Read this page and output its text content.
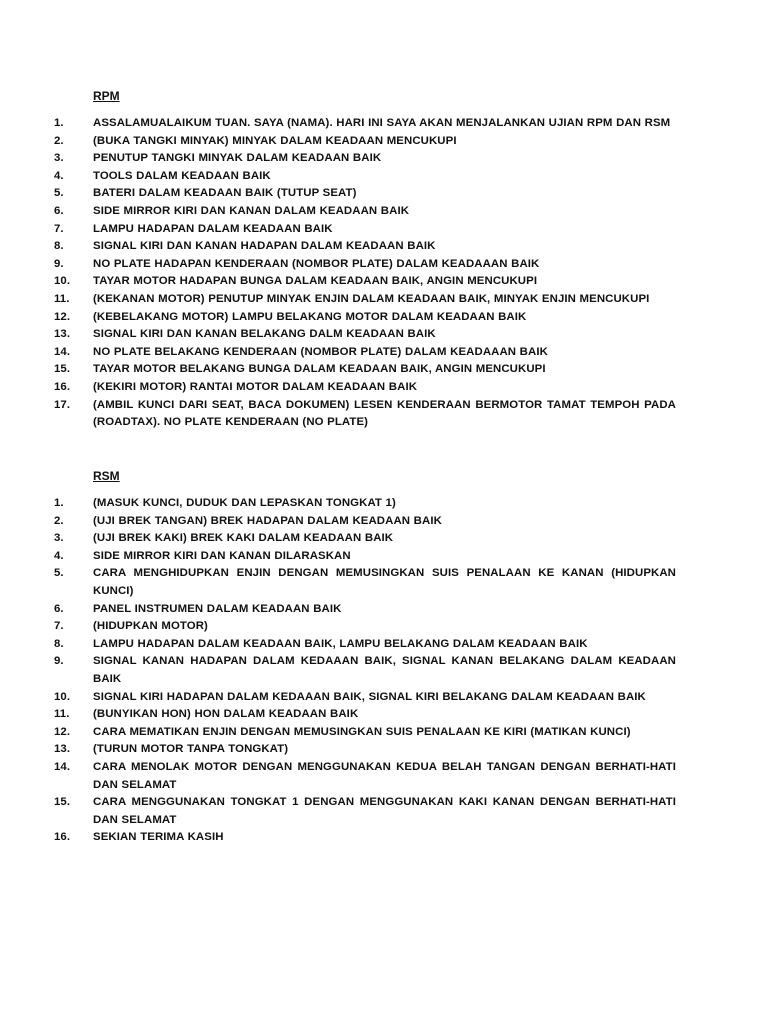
RPM
1.	ASSALAMUALAIKUM TUAN. SAYA (NAMA). HARI INI SAYA AKAN MENJALANKAN UJIAN RPM DAN RSM
2.	(BUKA TANGKI MINYAK) MINYAK DALAM KEADAAN MENCUKUPI
3.	PENUTUP TANGKI MINYAK DALAM KEADAAN BAIK
4.	TOOLS DALAM KEADAAN BAIK
5.	BATERI DALAM KEADAAN BAIK (TUTUP SEAT)
6.	SIDE MIRROR KIRI DAN KANAN DALAM KEADAAN BAIK
7.	LAMPU HADAPAN DALAM KEADAAN BAIK
8.	SIGNAL KIRI DAN KANAN HADAPAN DALAM KEADAAN BAIK
9.	NO PLATE HADAPAN KENDERAAN (NOMBOR PLATE) DALAM KEADAAAN BAIK
10.	TAYAR MOTOR HADAPAN BUNGA DALAM KEADAAN BAIK, ANGIN MENCUKUPI
11.	(KEKANAN MOTOR) PENUTUP MINYAK ENJIN DALAM KEADAAN BAIK, MINYAK ENJIN MENCUKUPI
12.	(KEBELAKANG MOTOR) LAMPU BELAKANG MOTOR DALAM KEADAAN BAIK
13.	SIGNAL KIRI DAN KANAN BELAKANG DALM KEADAAN BAIK
14.	NO PLATE BELAKANG KENDERAAN (NOMBOR PLATE) DALAM KEADAAAN BAIK
15.	TAYAR MOTOR BELAKANG BUNGA DALAM KEADAAN BAIK, ANGIN MENCUKUPI
16.	(KEKIRI MOTOR) RANTAI MOTOR DALAM KEADAAN BAIK
17.	(AMBIL KUNCI DARI SEAT, BACA DOKUMEN) LESEN KENDERAAN BERMOTOR TAMAT TEMPOH PADA (ROADTAX). NO PLATE KENDERAAN (NO PLATE)
RSM
1.	(MASUK KUNCI, DUDUK DAN LEPASKAN TONGKAT 1)
2.	(UJI BREK TANGAN) BREK HADAPAN DALAM KEADAAN BAIK
3.	(UJI BREK KAKI) BREK KAKI DALAM KEADAAN BAIK
4.	SIDE MIRROR KIRI DAN KANAN DILARASKAN
5.	CARA MENGHIDUPKAN ENJIN DENGAN MEMUSINGKAN SUIS PENALAAN KE KANAN (HIDUPKAN KUNCI)
6.	PANEL INSTRUMEN DALAM KEADAAN BAIK
7.	(HIDUPKAN MOTOR)
8.	LAMPU HADAPAN DALAM KEADAAN BAIK, LAMPU BELAKANG DALAM KEADAAN BAIK
9.	SIGNAL KANAN HADAPAN DALAM KEDAAAN BAIK, SIGNAL KANAN BELAKANG DALAM KEADAAN BAIK
10.	SIGNAL KIRI HADAPAN DALAM KEDAAAN BAIK, SIGNAL KIRI BELAKANG DALAM KEADAAN BAIK
11.	(BUNYIKAN HON) HON DALAM KEADAAN BAIK
12.	CARA MEMATIKAN ENJIN DENGAN MEMUSINGKAN SUIS PENALAAN KE KIRI (MATIKAN KUNCI)
13.	(TURUN MOTOR TANPA TONGKAT)
14.	CARA MENOLAK MOTOR DENGAN MENGGUNAKAN KEDUA BELAH TANGAN DENGAN BERHATI-HATI DAN SELAMAT
15.	CARA MENGGUNAKAN TONGKAT 1 DENGAN MENGGUNAKAN KAKI KANAN DENGAN BERHATI-HATI DAN SELAMAT
16.	SEKIAN TERIMA KASIH
